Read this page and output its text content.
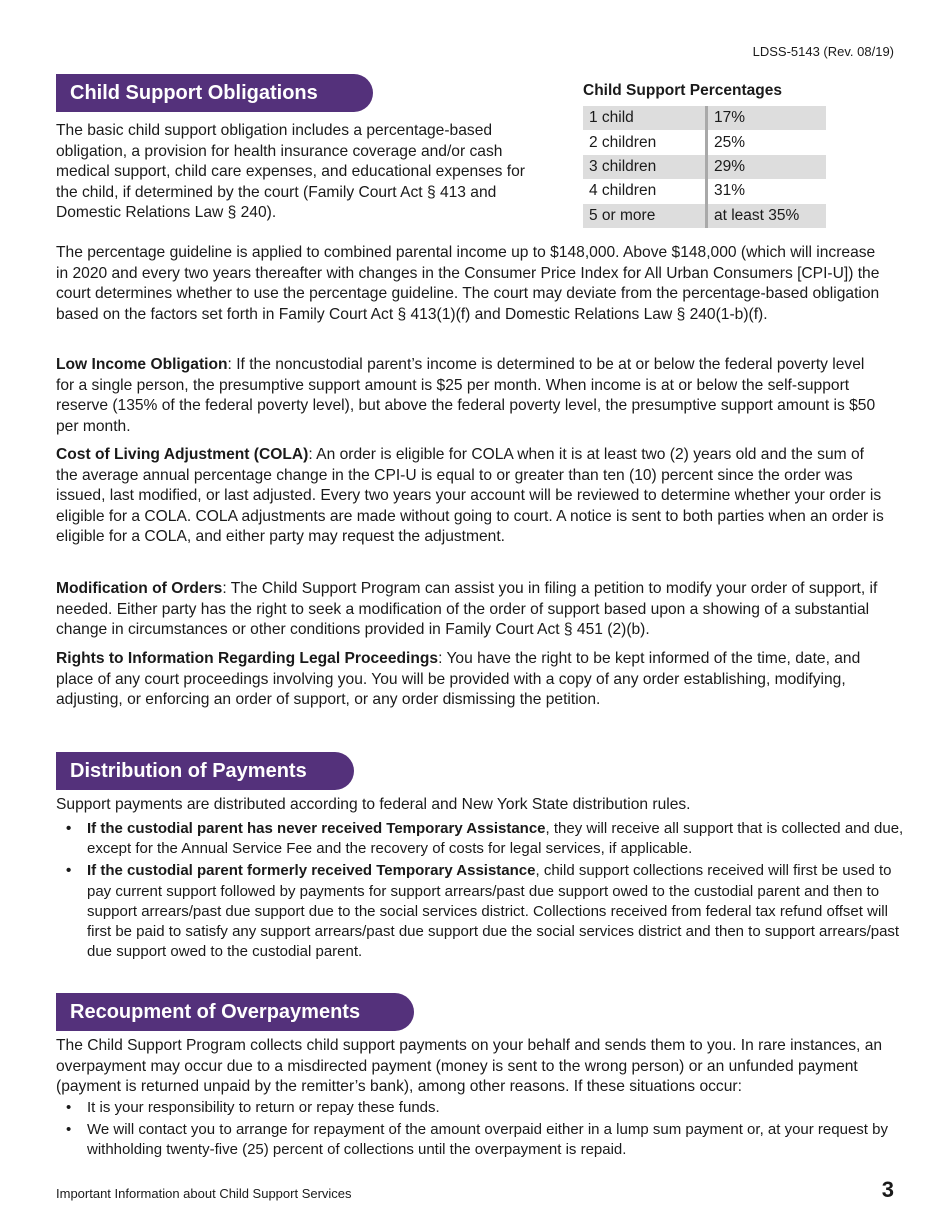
LDSS-5143 (Rev. 08/19)
Child Support Obligations

The basic child support obligation includes a percentage-based obligation, a provision for health insurance coverage and/or cash medical support, child care expenses, and educational expenses for the child, if determined by the court (Family Court Act § 413 and Domestic Relations Law § 240).

Child Support Percentages
1 child	17%
2 children	25%
3 children	29%
4 children	31%
5 or more	at least 35%

The percentage guideline is applied to combined parental income up to $148,000. Above $148,000 (which will increase in 2020 and every two years thereafter with changes in the Consumer Price Index for All Urban Consumers [CPI-U]) the court determines whether to use the percentage guideline. The court may deviate from the percentage-based obligation based on the factors set forth in Family Court Act § 413(1)(f) and Domestic Relations Law § 240(1-b)(f).

Low Income Obligation: If the noncustodial parent’s income is determined to be at or below the federal poverty level for a single person, the presumptive support amount is $25 per month. When income is at or below the self-support reserve (135% of the federal poverty level), but above the federal poverty level, the presumptive support amount is $50 per month.

Cost of Living Adjustment (COLA): An order is eligible for COLA when it is at least two (2) years old and the sum of the average annual percentage change in the CPI-U is equal to or greater than ten (10) percent since the order was issued, last modified, or last adjusted. Every two years your account will be reviewed to determine whether your order is eligible for a COLA. COLA adjustments are made without going to court. A notice is sent to both parties when an order is eligible for a COLA, and either party may request the adjustment.

Modification of Orders: The Child Support Program can assist you in filing a petition to modify your order of support, if needed. Either party has the right to seek a modification of the order of support based upon a showing of a substantial change in circumstances or other conditions provided in Family Court Act § 451 (2)(b).

Rights to Information Regarding Legal Proceedings: You have the right to be kept informed of the time, date, and place of any court proceedings involving you. You will be provided with a copy of any order establishing, modifying, adjusting, or enforcing an order of support, or any order dismissing the petition.

Distribution of Payments

Support payments are distributed according to federal and New York State distribution rules.

• If the custodial parent has never received Temporary Assistance, they will receive all support that is collected and due, except for the Annual Service Fee and the recovery of costs for legal services, if applicable.
• If the custodial parent formerly received Temporary Assistance, child support collections received will first be used to pay current support followed by payments for support arrears/past due support owed to the custodial parent and then to support arrears/past due support due to the social services district. Collections received from federal tax refund offset will first be paid to satisfy any support arrears/past due support due the social services district and then to support arrears/past due support owed to the custodial parent.
Recoupment of Overpayments

The Child Support Program collects child support payments on your behalf and sends them to you. In rare instances, an overpayment may occur due to a misdirected payment (money is sent to the wrong person) or an unfunded payment (payment is returned unpaid by the remitter’s bank), among other reasons. If these situations occur:

• It is your responsibility to return or repay these funds.
• We will contact you to arrange for repayment of the amount overpaid either in a lump sum payment or, at your request by withholding twenty-five (25) percent of collections until the overpayment is repaid.
Important Information about Child Support Services	3
